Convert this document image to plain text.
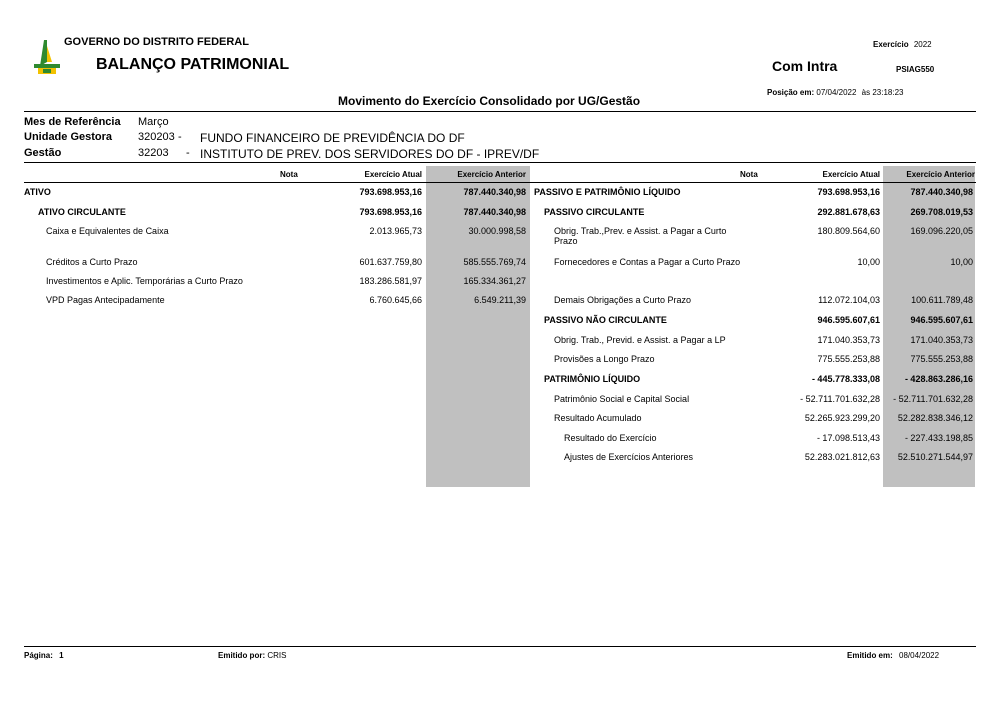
GOVERNO DO DISTRITO FEDERAL
BALANÇO PATRIMONIAL
Movimento do Exercício Consolidado por UG/Gestão
Com Intra
Exercício 2022
PSIAG550
Posição em: 07/04/2022 às 23:18:23
Mes de Referência Março
Unidade Gestora 320203 - FUNDO FINANCEIRO DE PREVIDÊNCIA DO DF
Gestão	32203 - INSTITUTO DE PREV. DOS SERVIDORES DO DF - IPREV/DF
Nota	Exercício Atual	Exercício Anterior	Nota	Exercício Atual	Exercício Anterior
ATIVO	793.698.953,16	787.440.340,98
ATIVO CIRCULANTE	793.698.953,16	787.440.340,98
Caixa e Equivalentes de Caixa	2.013.965,73	30.000.998,58
Créditos a Curto Prazo	601.637.759,80	585.555.769,74
Investimentos e Aplic. Temporárias a Curto Prazo	183.286.581,97	165.334.361,27
VPD Pagas Antecipadamente	6.760.645,66	6.549.211,39
PASSIVO E PATRIMÔNIO LÍQUIDO	793.698.953,16	787.440.340,98
PASSIVO CIRCULANTE	292.881.678,63	269.708.019,53
Obrig. Trab.,Prev. e Assist. a Pagar a Curto
Prazo
180.809.564,60	169.096.220,05
Fornecedores e Contas a Pagar a Curto Prazo	10,00	10,00
Demais Obrigações a Curto Prazo	112.072.104,03	100.611.789,48
PASSIVO NÃO CIRCULANTE	946.595.607,61	946.595.607,61
Obrig. Trab., Previd. e Assist. a Pagar a LP	171.040.353,73	171.040.353,73
Provisões a Longo Prazo	775.555.253,88	775.555.253,88
PATRIMÔNIO LÍQUIDO	- 445.778.333,08	- 428.863.286,16
Patrimônio Social e Capital Social	- 52.711.701.632,28	- 52.711.701.632,28
Resultado Acumulado	52.265.923.299,20	52.282.838.346,12
Resultado do Exercício	- 17.098.513,43	- 227.433.198,85
Ajustes de Exercícios Anteriores	52.283.021.812,63	52.510.271.544,97
Página: 1	Emitido por: CRIS	Emitido em: 08/04/2022
